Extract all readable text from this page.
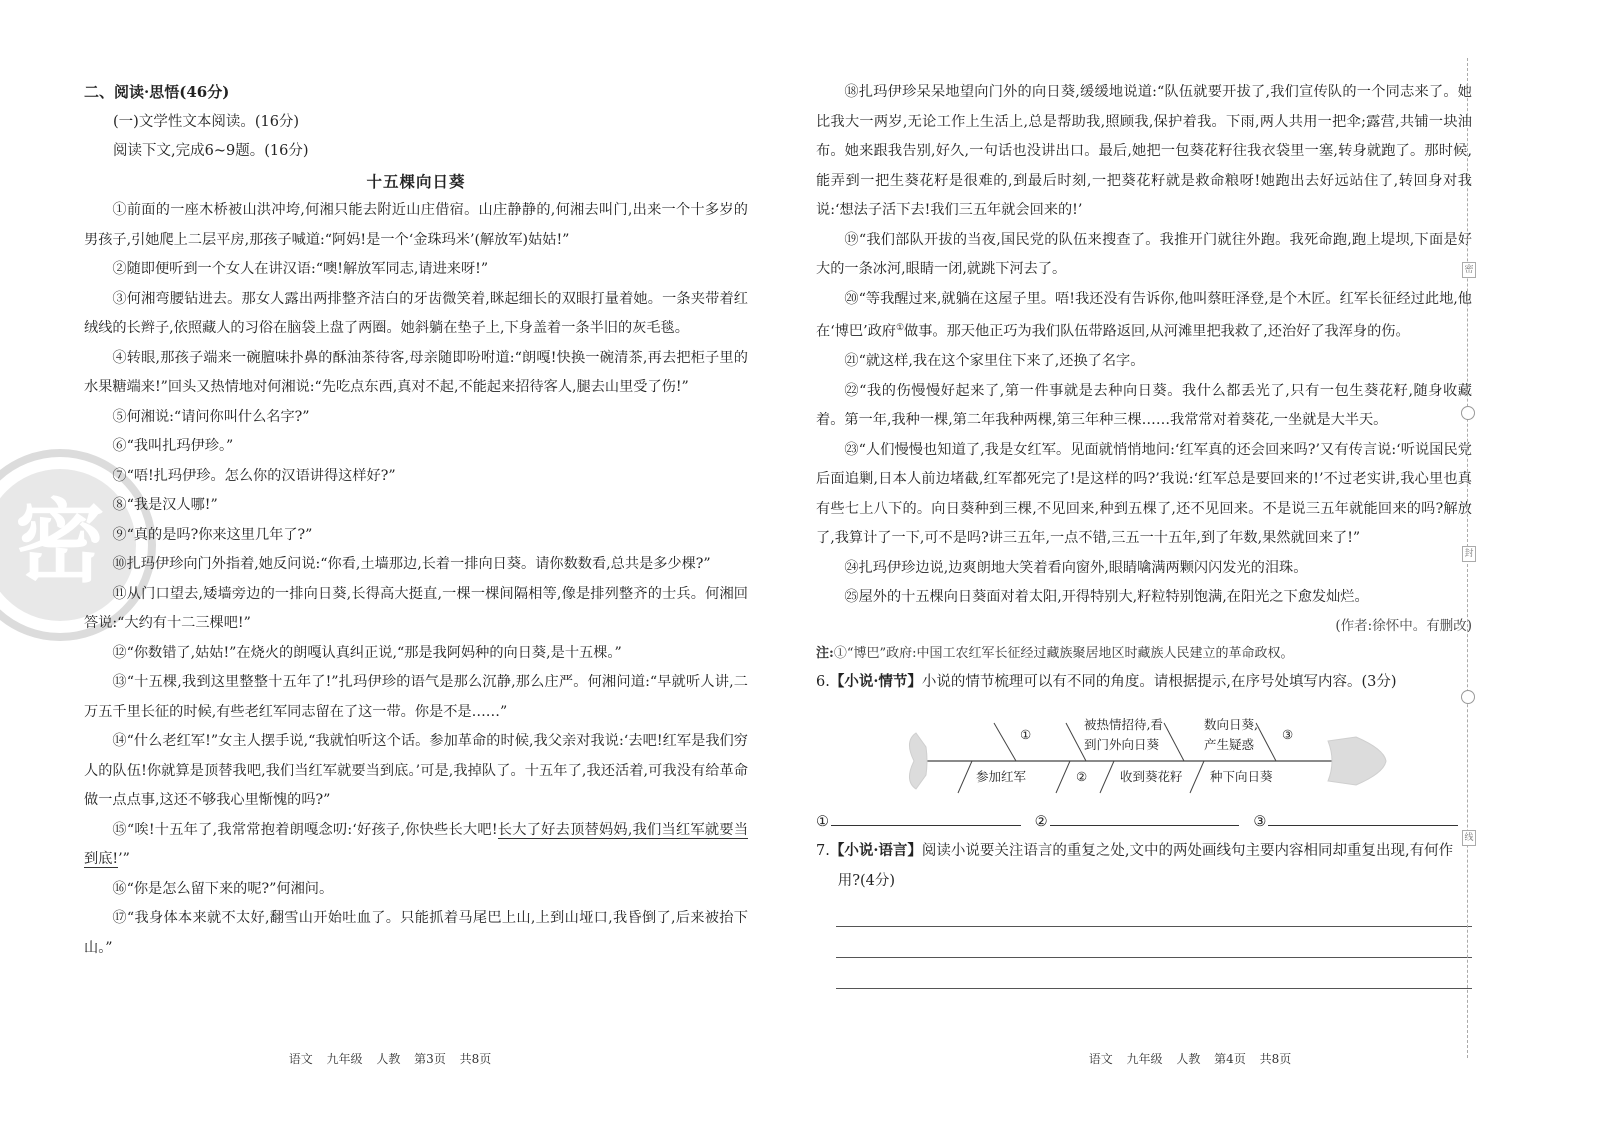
密
二、阅读·思悟(46分)
(一)文学性文本阅读。(16分)
阅读下文,完成6~9题。(16分)
十五棵向日葵

①前面的一座木桥被山洪冲垮,何湘只能去附近山庄借宿。山庄静静的,何湘去叫门,出来一个十多岁的男孩子,引她爬上二层平房,那孩子喊道:“阿妈!是一个‘金珠玛米’(解放军)姑姑!”

②随即便听到一个女人在讲汉语:“噢!解放军同志,请进来呀!”

③何湘弯腰钻进去。那女人露出两排整齐洁白的牙齿微笑着,眯起细长的双眼打量着她。一条夹带着红绒线的长辫子,依照藏人的习俗在脑袋上盘了两圈。她斜躺在垫子上,下身盖着一条半旧的灰毛毯。

④转眼,那孩子端来一碗膻味扑鼻的酥油茶待客,母亲随即吩咐道:“朗嘎!快换一碗清茶,再去把柜子里的水果糖端来!”回头又热情地对何湘说:“先吃点东西,真对不起,不能起来招待客人,腿去山里受了伤!”

⑤何湘说:“请问你叫什么名字?”

⑥“我叫扎玛伊珍。”

⑦“唔!扎玛伊珍。怎么你的汉语讲得这样好?”

⑧“我是汉人哪!”

⑨“真的是吗?你来这里几年了?”

⑩扎玛伊珍向门外指着,她反问说:“你看,土墙那边,长着一排向日葵。请你数数看,总共是多少棵?”

⑪从门口望去,矮墙旁边的一排向日葵,长得高大挺直,一棵一棵间隔相等,像是排列整齐的士兵。何湘回答说:“大约有十二三棵吧!”

⑫“你数错了,姑姑!”在烧火的朗嘎认真纠正说,“那是我阿妈种的向日葵,是十五棵。”

⑬“十五棵,我到这里整整十五年了!”扎玛伊珍的语气是那么沉静,那么庄严。何湘问道:“早就听人讲,二万五千里长征的时候,有些老红军同志留在了这一带。你是不是……”

⑭“什么老红军!”女主人摆手说,“我就怕听这个话。参加革命的时候,我父亲对我说:‘去吧!红军是我们穷人的队伍!你就算是顶替我吧,我们当红军就要当到底。’可是,我掉队了。十五年了,我还活着,可我没有给革命做一点点事,这还不够我心里惭愧的吗?”

⑮“唉!十五年了,我常常抱着朗嘎念叨:‘好孩子,你快些长大吧!长大了好去顶替妈妈,我们当红军就要当到底!’”

⑯“你是怎么留下来的呢?”何湘问。

⑰“我身体本来就不太好,翻雪山开始吐血了。只能抓着马尾巴上山,上到山垭口,我昏倒了,后来被抬下山。”

语文 九年级 人教 第3页 共8页

⑱扎玛伊珍呆呆地望向门外的向日葵,缓缓地说道:“队伍就要开拔了,我们宣传队的一个同志来了。她比我大一两岁,无论工作上生活上,总是帮助我,照顾我,保护着我。下雨,两人共用一把伞;露营,共铺一块油布。她来跟我告别,好久,一句话也没讲出口。最后,她把一包葵花籽往我衣袋里一塞,转身就跑了。那时候,能弄到一把生葵花籽是很难的,到最后时刻,一把葵花籽就是救命粮呀!她跑出去好远站住了,转回身对我说:‘想法子活下去!我们三五年就会回来的!’

⑲“我们部队开拔的当夜,国民党的队伍来搜查了。我推开门就往外跑。我死命跑,跑上堤坝,下面是好大的一条冰河,眼睛一闭,就跳下河去了。

⑳“等我醒过来,就躺在这屋子里。唔!我还没有告诉你,他叫蔡旺泽登,是个木匠。红军长征经过此地,他在‘博巴’政府①做事。那天他正巧为我们队伍带路返回,从河滩里把我救了,还治好了我浑身的伤。

㉑“就这样,我在这个家里住下来了,还换了名字。

㉒“我的伤慢慢好起来了,第一件事就是去种向日葵。我什么都丢光了,只有一包生葵花籽,随身收藏着。第一年,我种一棵,第二年我种两棵,第三年种三棵……我常常对着葵花,一坐就是大半天。

㉓“人们慢慢也知道了,我是女红军。见面就悄悄地问:‘红军真的还会回来吗?’又有传言说:‘听说国民党后面追剿,日本人前边堵截,红军都死完了!是这样的吗?’我说:‘红军总是要回来的!’不过老实讲,我心里也真有些七上八下的。向日葵种到三棵,不见回来,种到五棵了,还不见回来。不是说三五年就能回来的吗?解放了,我算计了一下,可不是吗?讲三五年,一点不错,三五一十五年,到了年数,果然就回来了!”

㉔扎玛伊珍边说,边爽朗地大笑着看向窗外,眼睛噙满两颗闪闪发光的泪珠。

㉕屋外的十五棵向日葵面对着太阳,开得特别大,籽粒特别饱满,在阳光之下愈发灿烂。

(作者:徐怀中。有删改)
注:①“博巴”政府:中国工农红军长征经过藏族聚居地区时藏族人民建立的革命政权。
6.【小说·情节】小说的情节梳理可以有不同的角度。请根据提示,在序号处填写内容。(3分)
①
被热情招待,看
到门外向日葵
数向日葵,
产生疑惑
③
参加红军	②	收到葵花籽 种下向日葵
①	②	③
7.【小说·语言】阅读小说要关注语言的重复之处,文中的两处画线句主要内容相同却重复出现,有何作用?(4分)
语文 九年级 人教 第4页 共8页
密
封
线
